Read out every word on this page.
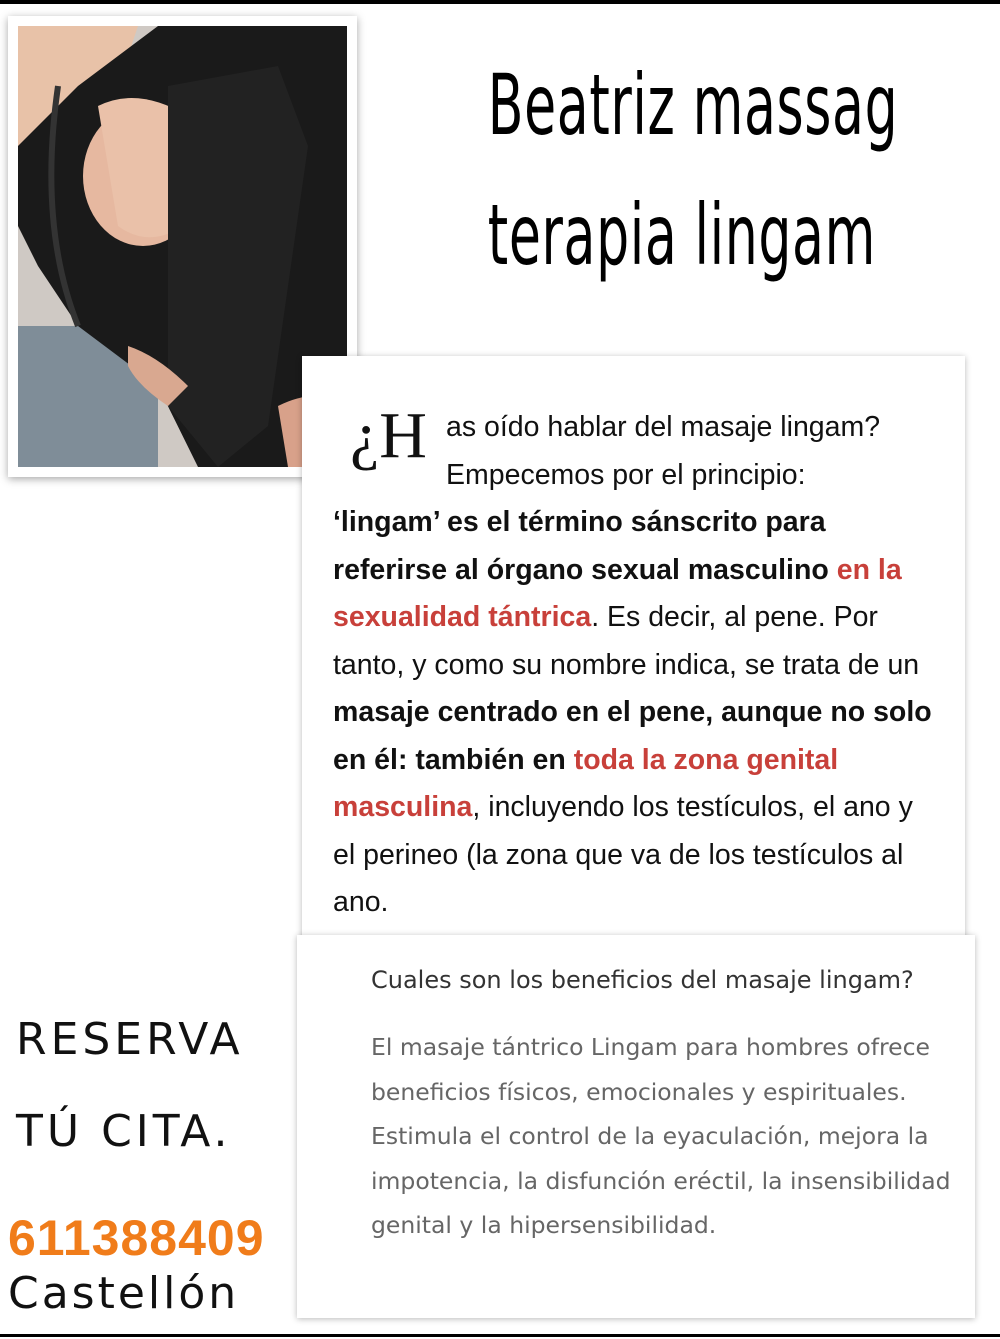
Beatriz massag
terapia lingam
¿H as oído hablar del masaje lingam?
Empecemos por el principio:
‘lingam’ es el término sánscrito para referirse al órgano sexual masculino en la sexualidad tántrica. Es decir, al pene. Por tanto, y como su nombre indica, se trata de un masaje centrado en el pene, aunque no solo en él: también en toda la zona genital masculina, incluyendo los testículos, el ano y el perineo (la zona que va de los testículos al ano.
Cuales son los beneficios del masaje lingam?
El masaje tántrico Lingam para hombres ofrece beneficios físicos, emocionales y espirituales. Estimula el control de la eyaculación, mejora la impotencia, la disfunción eréctil, la insensibilidad genital y la hipersensibilidad.
RESERVA
TÚ CITA.
611388409
Castellón
